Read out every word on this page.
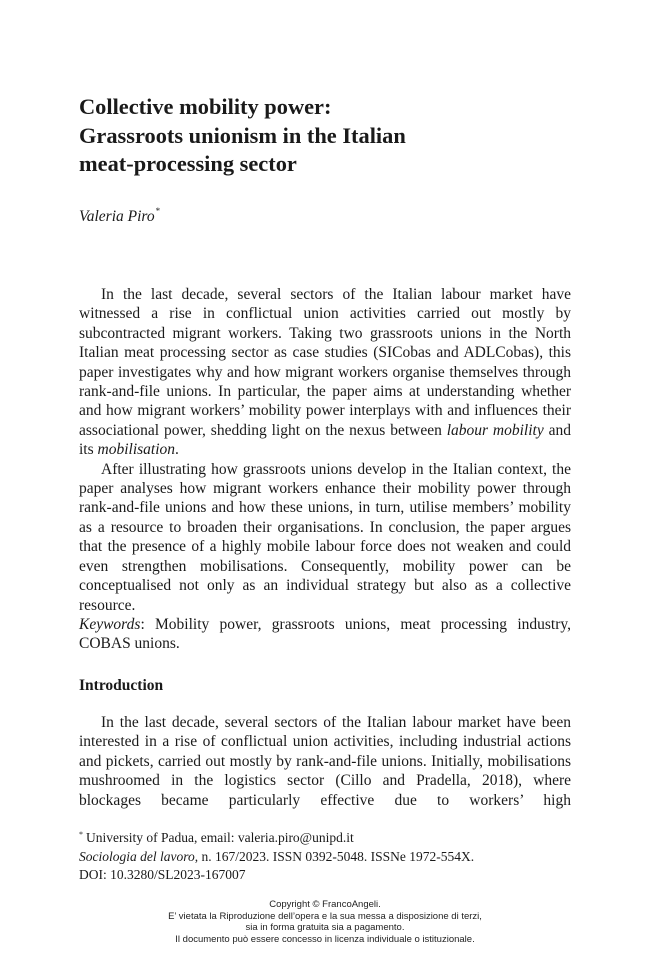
Collective mobility power:
Grassroots unionism in the Italian
meat-processing sector
Valeria Piro*

In the last decade, several sectors of the Italian labour market have witnessed a rise in conflictual union activities carried out mostly by subcontracted migrant workers. Taking two grassroots unions in the North Italian meat processing sector as case studies (SICobas and ADLCobas), this paper investigates why and how migrant workers organise themselves through rank-and-file unions. In particular, the paper aims at understanding whether and how migrant workers’ mobility power interplays with and influences their associational power, shedding light on the nexus between labour mobility and its mobilisation.

After illustrating how grassroots unions develop in the Italian context, the paper analyses how migrant workers enhance their mobility power through rank-and-file unions and how these unions, in turn, utilise members’ mobility as a resource to broaden their organisations. In conclusion, the paper argues that the presence of a highly mobile labour force does not weaken and could even strengthen mobilisations. Consequently, mobility power can be conceptualised not only as an individual strategy but also as a collective resource.

Keywords: Mobility power, grassroots unions, meat processing industry, COBAS unions.

Introduction

In the last decade, several sectors of the Italian labour market have been interested in a rise of conflictual union activities, including industrial actions and pickets, carried out mostly by rank-and-file unions. Initially, mobilisations mushroomed in the logistics sector (Cillo and Pradella, 2018), where blockages became particularly effective due to workers’ high

* University of Padua, email: valeria.piro@unipd.it
Sociologia del lavoro, n. 167/2023. ISSN 0392-5048. ISSNe 1972-554X.
DOI: 10.3280/SL2023-167007
Copyright © FrancoAngeli.
E’ vietata la Riproduzione dell’opera e la sua messa a disposizione di terzi,
sia in forma gratuita sia a pagamento.
Il documento può essere concesso in licenza individuale o istituzionale.
